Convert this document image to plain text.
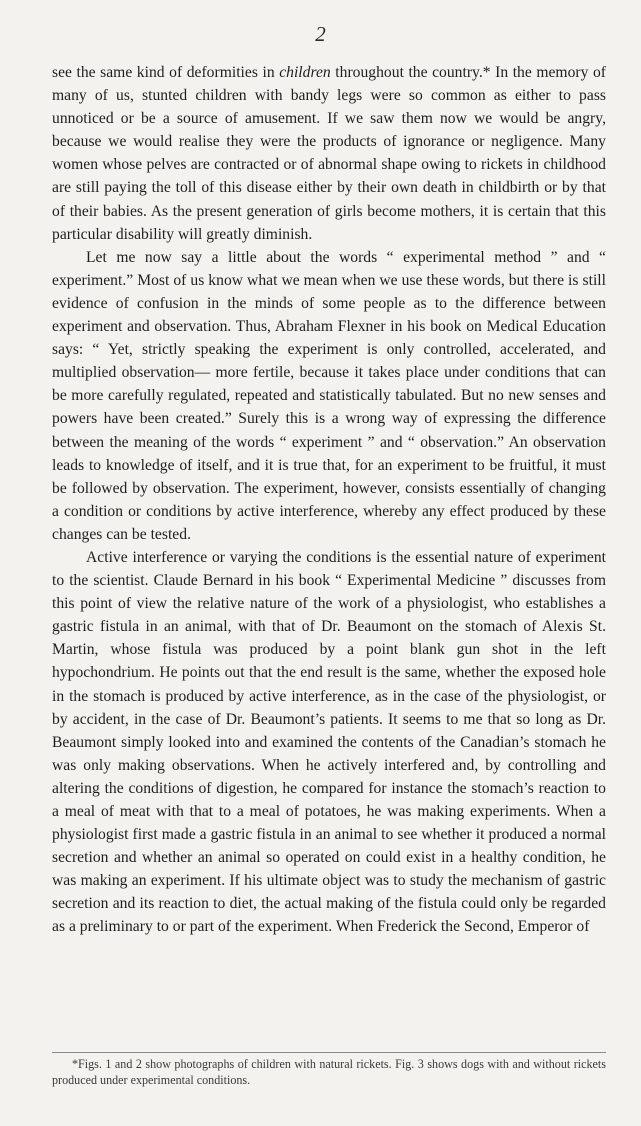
2

see the same kind of deformities in children throughout the country.* In the memory of many of us, stunted children with bandy legs were so common as either to pass unnoticed or be a source of amusement. If we saw them now we would be angry, because we would realise they were the products of ignorance or negligence. Many women whose pelves are contracted or of abnormal shape owing to rickets in childhood are still paying the toll of this disease either by their own death in childbirth or by that of their babies. As the present generation of girls become mothers, it is certain that this particular disability will greatly diminish.

Let me now say a little about the words “ experimental method ” and “ experiment.” Most of us know what we mean when we use these words, but there is still evidence of confusion in the minds of some people as to the difference between experiment and observation. Thus, Abraham Flexner in his book on Medical Education says: “ Yet, strictly speaking the experiment is only controlled, accelerated, and multiplied observation— more fertile, because it takes place under conditions that can be more carefully regulated, repeated and statistically tabulated. But no new senses and powers have been created.” Surely this is a wrong way of expressing the difference between the meaning of the words “ experiment ” and “ observation.” An observation leads to knowledge of itself, and it is true that, for an experiment to be fruitful, it must be followed by observation. The experiment, however, consists essentially of changing a condition or conditions by active interference, whereby any effect produced by these changes can be tested.

Active interference or varying the conditions is the essential nature of experiment to the scientist. Claude Bernard in his book “ Experimental Medicine ” discusses from this point of view the relative nature of the work of a physiologist, who establishes a gastric fistula in an animal, with that of Dr. Beaumont on the stomach of Alexis St. Martin, whose fistula was produced by a point blank gun shot in the left hypochondrium. He points out that the end result is the same, whether the exposed hole in the stomach is produced by active interference, as in the case of the physiologist, or by accident, in the case of Dr. Beaumont’s patients. It seems to me that so long as Dr. Beaumont simply looked into and examined the contents of the Canadian’s stomach he was only making observations. When he actively interfered and, by controlling and altering the conditions of digestion, he compared for instance the stomach’s reaction to a meal of meat with that to a meal of potatoes, he was making experiments. When a physiologist first made a gastric fistula in an animal to see whether it produced a normal secretion and whether an animal so operated on could exist in a healthy condition, he was making an experiment. If his ultimate object was to study the mechanism of gastric secretion and its reaction to diet, the actual making of the fistula could only be regarded as a preliminary to or part of the experiment. When Frederick the Second, Emperor of

*Figs. 1 and 2 show photographs of children with natural rickets. Fig. 3 shows dogs with and without rickets produced under experimental conditions.
